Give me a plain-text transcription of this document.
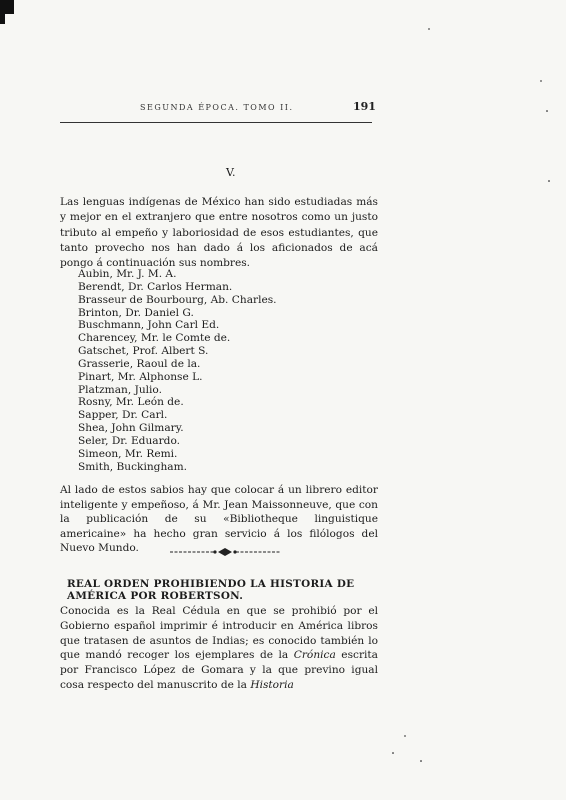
SEGUNDA ÉPOCA. TOMO II.	191
V.

Las lenguas indígenas de México han sido estudiadas más y mejor en el extranjero que entre nosotros como un justo tributo al empeño y laboriosidad de esos estudiantes, que tanto provecho nos han dado á los aficionados de acá pongo á continuación sus nombres.

Aubin, Mr. J. M. A.
Berendt, Dr. Carlos Herman.
Brasseur de Bourbourg, Ab. Charles.
Brinton, Dr. Daniel G.
Buschmann, John Carl Ed.
Charencey, Mr. le Comte de.
Gatschet, Prof. Albert S.
Grasserie, Raoul de la.
Pinart, Mr. Alphonse L.
Platzman, Julio.
Rosny, Mr. León de.
Sapper, Dr. Carl.
Shea, John Gilmary.
Seler, Dr. Eduardo.
Simeon, Mr. Remi.
Smith, Buckingham.

Al lado de estos sabios hay que colocar á un librero editor inteligente y empeñoso, á Mr. Jean Maissonneuve, que con la publicación de su «Bibliotheque linguistique americaine» ha hecho gran servicio á los filólogos del Nuevo Mundo.

REAL ORDEN PROHIBIENDO LA HISTORIA DE AMÉRICA POR ROBERTSON.

Conocida es la Real Cédula en que se prohibió por el Gobierno español imprimir é introducir en América libros que tratasen de asuntos de Indias; es conocido también lo que mandó recoger los ejemplares de la Crónica escrita por Francisco López de Gomara y la que previno igual cosa respecto del manuscrito de la Historia
